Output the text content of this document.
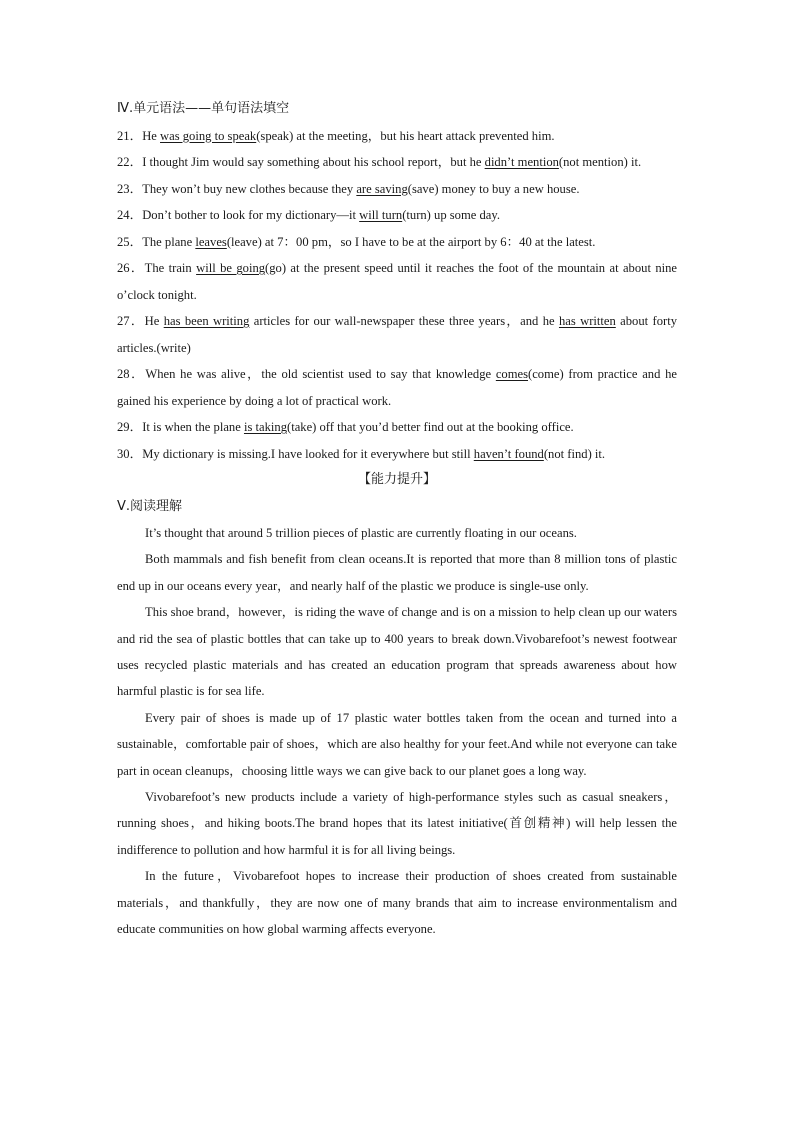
Ⅳ.单元语法——单句语法填空
21．He was going to speak(speak) at the meeting，but his heart attack prevented him.
22．I thought Jim would say something about his school report，but he didn’t mention(not mention) it.
23．They won’t buy new clothes because they are saving(save) money to buy a new house.
24．Don’t bother to look for my dictionary—it will turn(turn) up some day.
25．The plane leaves(leave) at 7：00 pm，so I have to be at the airport by 6：40 at the latest.
26．The train will be going(go) at the present speed until it reaches the foot of the mountain at about nine o’clock tonight.
27．He has been writing articles for our wall-newspaper these three years，and he has written about forty articles.(write)
28．When he was alive，the old scientist used to say that knowledge comes(come) from practice and he gained his experience by doing a lot of practical work.
29．It is when the plane is taking(take) off that you’d better find out at the booking office.
30．My dictionary is missing.I have looked for it everywhere but still haven’t found(not find) it.
【能力提升】
Ⅴ.阅读理解
It’s thought that around 5 trillion pieces of plastic are currently floating in our oceans.
Both mammals and fish benefit from clean oceans.It is reported that more than 8 million tons of plastic end up in our oceans every year，and nearly half of the plastic we produce is single-use only.
This shoe brand，however，is riding the wave of change and is on a mission to help clean up our waters and rid the sea of plastic bottles that can take up to 400 years to break down.Vivobarefoot’s newest footwear uses recycled plastic materials and has created an education program that spreads awareness about how harmful plastic is for sea life.
Every pair of shoes is made up of 17 plastic water bottles taken from the ocean and turned into a sustainable，comfortable pair of shoes，which are also healthy for your feet.And while not everyone can take part in ocean cleanups，choosing little ways we can give back to our planet goes a long way.
Vivobarefoot’s new products include a variety of high-performance styles such as casual sneakers，running shoes，and hiking boots.The brand hopes that its latest initiative(首创精神) will help lessen the indifference to pollution and how harmful it is for all living beings.
In the future，Vivobarefoot hopes to increase their production of shoes created from sustainable materials，and thankfully，they are now one of many brands that aim to increase environmentalism and educate communities on how global warming affects everyone.
